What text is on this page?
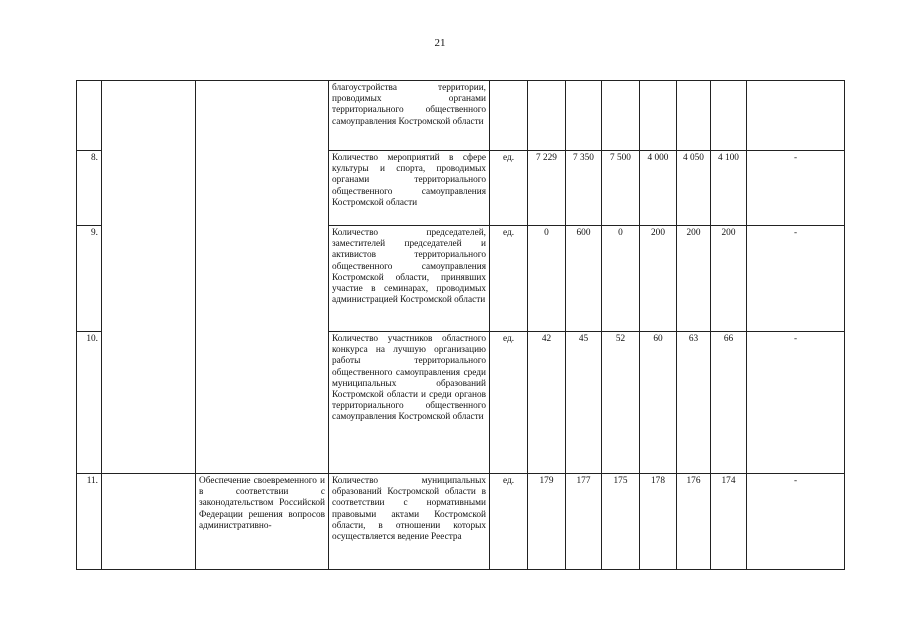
21
			благоустройства территории, проводимых органами территориального общественного самоуправления Костромской области								
8.			Количество мероприятий в сфере культуры и спорта, проводимых органами территориального общественного самоуправления Костромской области	ед.	7 229	7 350	7 500	4 000	4 050	4 100	-
9.			Количество председателей, заместителей председателей и активистов территориального общественного самоуправления Костромской области, принявших участие в семинарах, проводимых администрацией Костромской области	ед.	0	600	0	200	200	200	-
10.			Количество участников областного конкурса на лучшую организацию работы территориального общественного самоуправления среди муниципальных образований Костромской области и среди органов территориального общественного самоуправления Костромской области	ед.	42	45	52	60	63	66	-
11.		Обеспечение своевременного и в соответствии с законодательством Российской Федерации решения вопросов административно-	Количество муниципальных образований Костромской области в соответствии с нормативными правовыми актами Костромской области, в отношении которых осуществляется ведение Реестра	ед.	179	177	175	178	176	174	-
